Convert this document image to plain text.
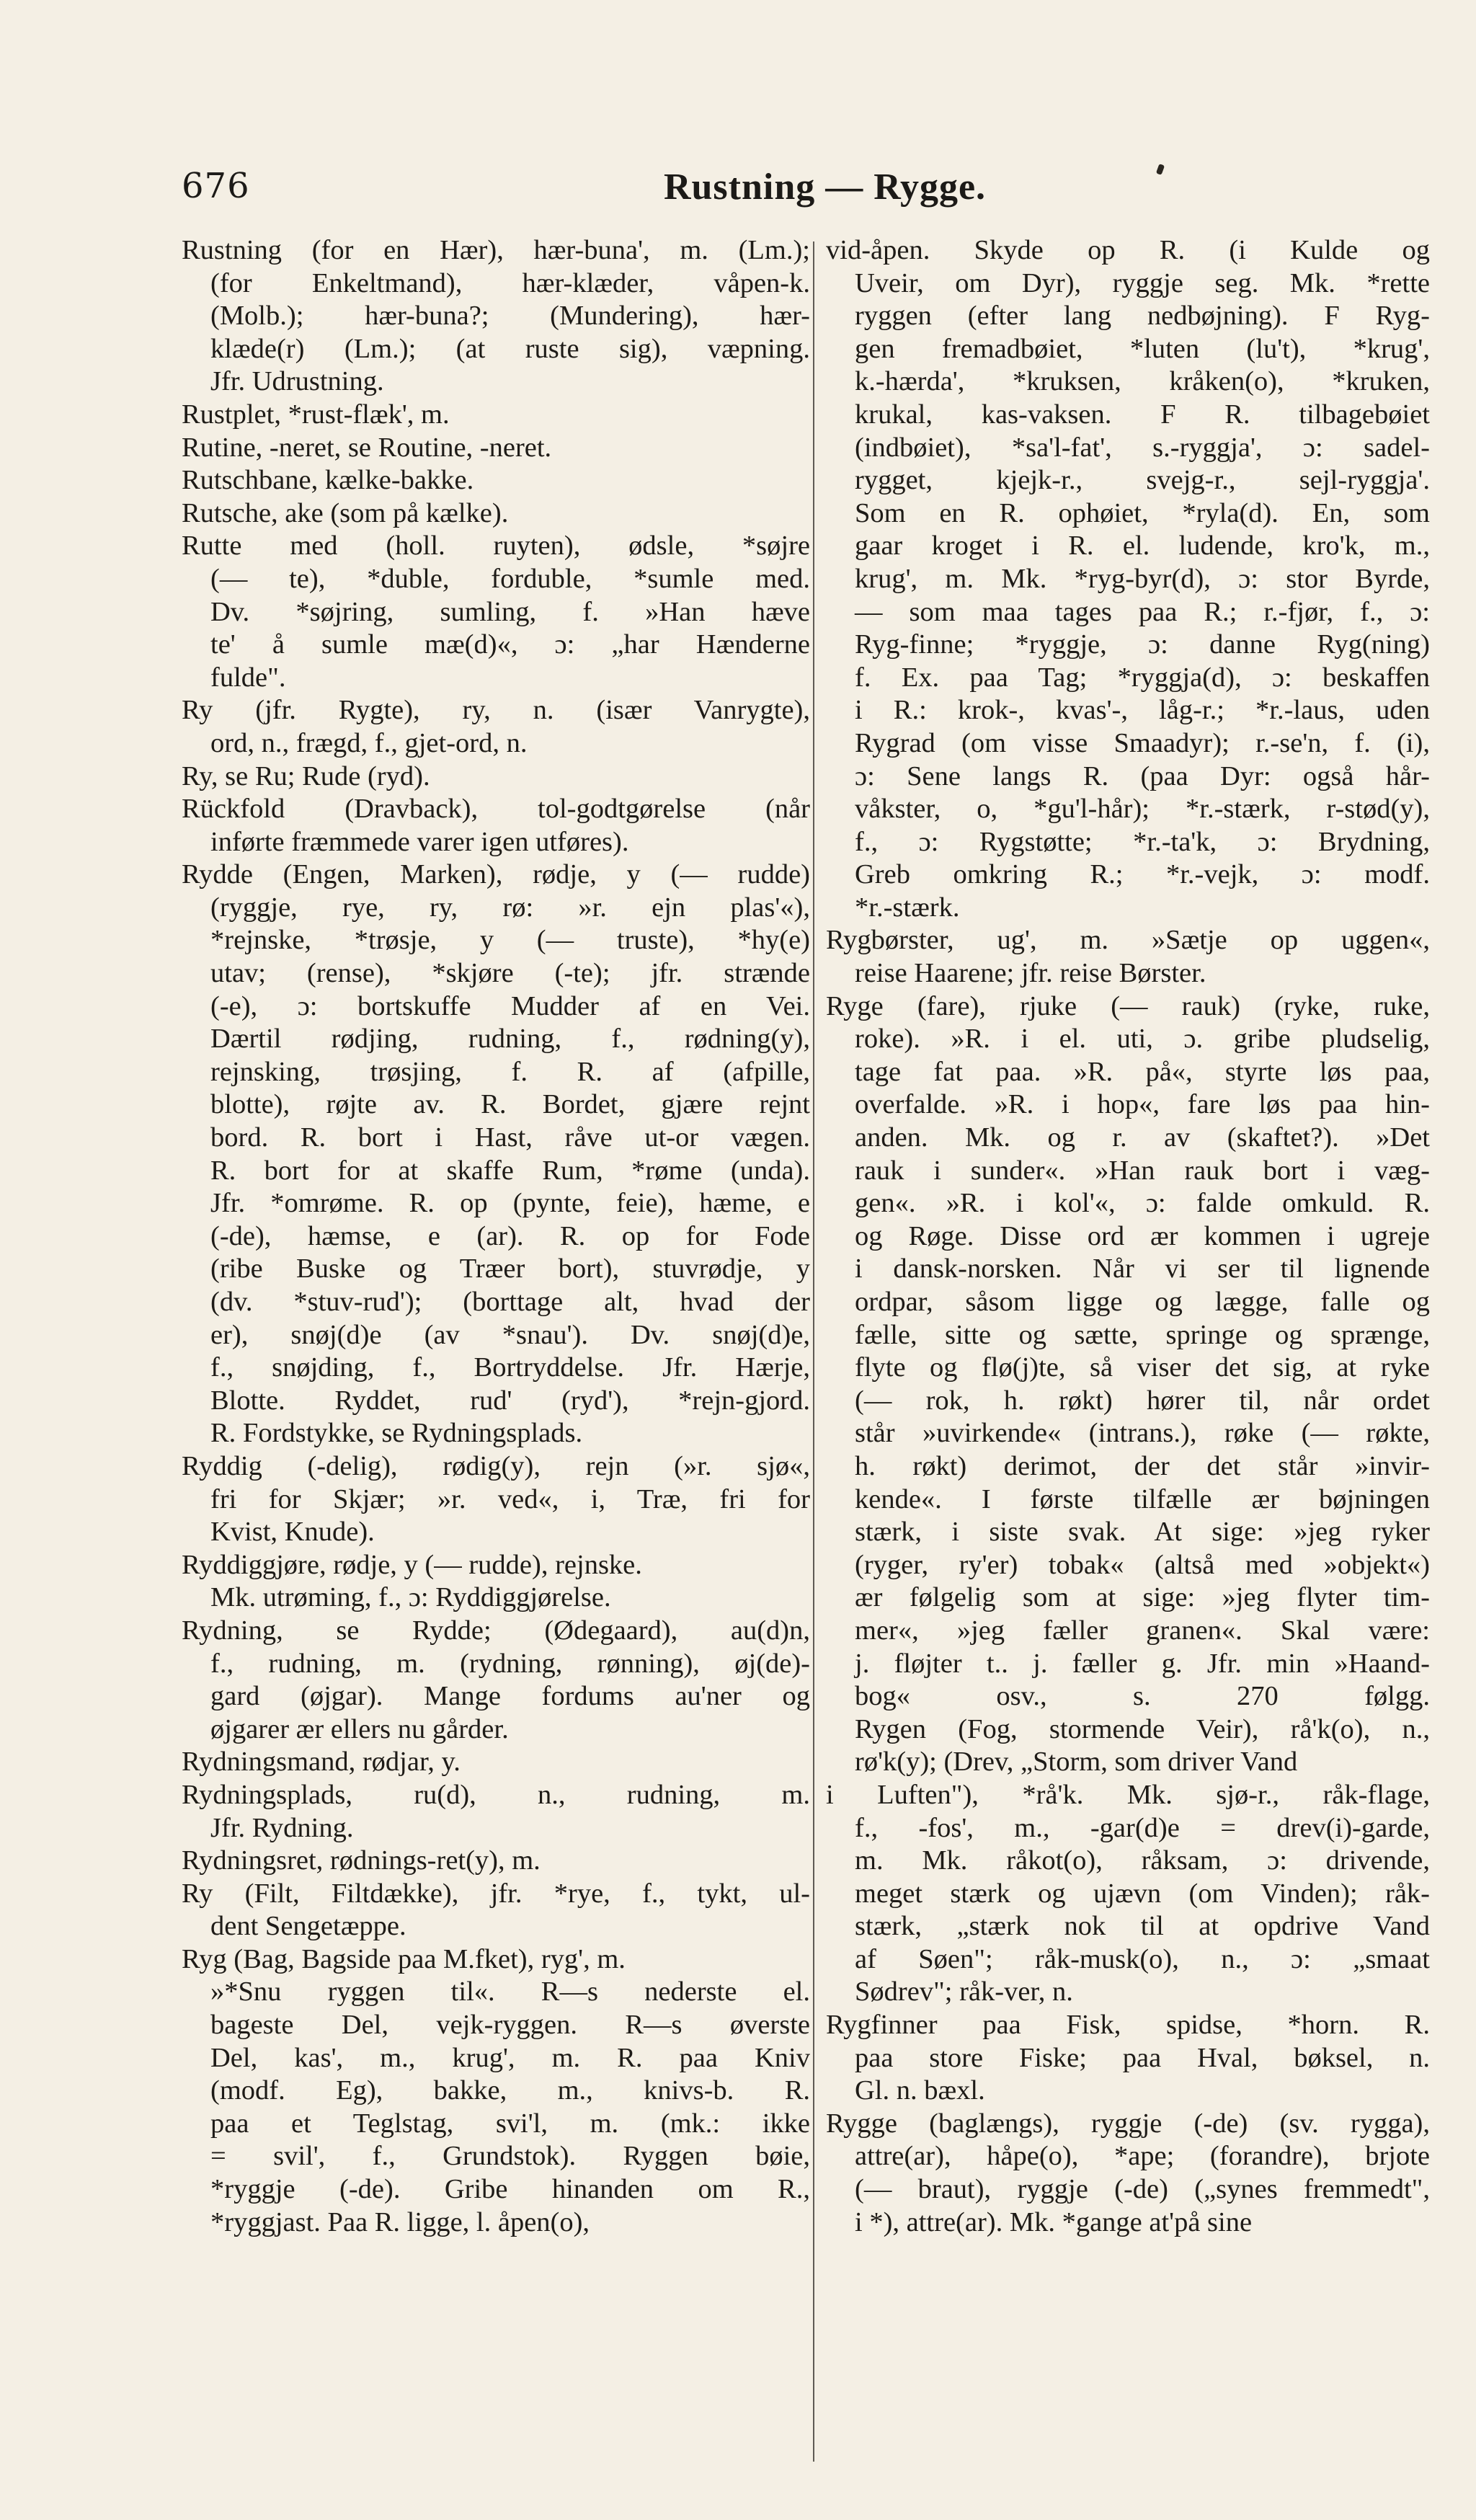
676	Rustning — Rygge.
Rustning (for en Hær), hær-buna', m. (Lm.);
(for Enkeltmand), hær-klæder, våpen-k.
(Molb.); hær-buna?; (Mundering), hær-
klæde(r) (Lm.); (at ruste sig), væpning.
Jfr. Udrustning.
Rustplet, *rust-flæk', m.
Rutine, -neret, se Routine, -neret.
Rutschbane, kælke-bakke.
Rutsche, ake (som på kælke).
Rutte med (holl. ruyten), ødsle, *søjre
(— te), *duble, forduble, *sumle med.
Dv. *søjring, sumling, f. »Han hæve
te' å sumle mæ(d)«, ɔ: „har Hænderne
fulde".
Ry (jfr. Rygte), ry, n. (især Vanrygte),
ord, n., frægd, f., gjet-ord, n.
Ry, se Ru; Rude (ryd).
Rückfold (Dravback), tol-godtgørelse (når
inførte fræmmede varer igen utføres).
Rydde (Engen, Marken), rødje, y (— rudde)
(ryggje, rye, ry, rø: »r. ejn plas'«),
*rejnske, *trøsje, y (— truste), *hy(e)
utav; (rense), *skjøre (-te); jfr. strænde
(-e), ɔ: bortskuffe Mudder af en Vei.
Dærtil rødjing, rudning, f., rødning(y),
rejnsking, trøsjing, f. R. af (afpille,
blotte), røjte av. R. Bordet, gjære rejnt
bord. R. bort i Hast, råve ut-or vægen.
R. bort for at skaffe Rum, *røme (unda).
Jfr. *omrøme. R. op (pynte, feie), hæme, e
(-de), hæmse, e (ar). R. op for Fode
(ribe Buske og Træer bort), stuvrødje, y
(dv. *stuv-rud'); (borttage alt, hvad der
er), snøj(d)e (av *snau'). Dv. snøj(d)e,
f., snøjding, f., Bortryddelse. Jfr. Hærje,
Blotte. Ryddet, rud' (ryd'), *rejn-gjord.
R. Fordstykke, se Rydningsplads.
Ryddig (-delig), rødig(y), rejn (»r. sjø«,
fri for Skjær; »r. ved«, i, Træ, fri for
Kvist, Knude).
Ryddiggjøre, rødje, y (— rudde), rejnske.
Mk. utrøming, f., ɔ: Ryddiggjørelse.
Rydning, se Rydde; (Ødegaard), au(d)n,
f., rudning, m. (rydning, rønning), øj(de)-
gard (øjgar). Mange fordums au'ner og
øjgarer ær ellers nu gårder.
Rydningsmand, rødjar, y.
Rydningsplads, ru(d), n., rudning, m.
Jfr. Rydning.
Rydningsret, rødnings-ret(y), m.
Ry (Filt, Filtdække), jfr. *rye, f., tykt, ul-
dent Sengetæppe.
Ryg (Bag, Bagside paa M.fket), ryg', m.
»*Snu ryggen til«. R—s nederste el.
bageste Del, vejk-ryggen. R—s øverste
Del, kas', m., krug', m. R. paa Kniv
(modf. Eg), bakke, m., knivs-b. R.
paa et Teglstag, svi'l, m. (mk.: ikke
= svil', f., Grundstok). Ryggen bøie,
*ryggje (-de). Gribe hinanden om R.,
*ryggjast. Paa R. ligge, l. åpen(o),
vid-åpen. Skyde op R. (i Kulde og
Uveir, om Dyr), ryggje seg. Mk. *rette
ryggen (efter lang nedbøjning). F Ryg-
gen fremadbøiet, *luten (lu't), *krug',
k.-hærda', *kruksen, kråken(o), *kruken,
krukal, kas-vaksen. F R. tilbagebøiet
(indbøiet), *sa'l-fat', s.-ryggja', ɔ: sadel-
rygget, kjejk-r., svejg-r., sejl-ryggja'.
Som en R. ophøiet, *ryla(d). En, som
gaar kroget i R. el. ludende, kro'k, m.,
krug', m. Mk. *ryg-byr(d), ɔ: stor Byrde,
— som maa tages paa R.; r.-fjør, f., ɔ:
Ryg-finne; *ryggje, ɔ: danne Ryg(ning)
f. Ex. paa Tag; *ryggja(d), ɔ: beskaffen
i R.: krok-, kvas'-, låg-r.; *r.-laus, uden
Rygrad (om visse Smaadyr); r.-se'n, f. (i),
ɔ: Sene langs R. (paa Dyr: også hår-
våkster, o, *gu'l-hår); *r.-stærk, r-stød(y),
f., ɔ: Rygstøtte; *r.-ta'k, ɔ: Brydning,
Greb omkring R.; *r.-vejk, ɔ: modf.
*r.-stærk.
Rygbørster, ug', m. »Sætje op uggen«,
reise Haarene; jfr. reise Børster.
Ryge (fare), rjuke (— rauk) (ryke, ruke,
roke). »R. i el. uti, ɔ. gribe pludselig,
tage fat paa. »R. på«, styrte løs paa,
overfalde. »R. i hop«, fare løs paa hin-
anden. Mk. og r. av (skaftet?). »Det
rauk i sunder«. »Han rauk bort i væg-
gen«. »R. i kol'«, ɔ: falde omkuld. R.
og Røge. Disse ord ær kommen i ugreje
i dansk-norsken. Når vi ser til lignende
ordpar, såsom ligge og lægge, falle og
fælle, sitte og sætte, springe og sprænge,
flyte og flø(j)te, så viser det sig, at ryke
(— rok, h. røkt) hører til, når ordet
står »uvirkende« (intrans.), røke (— røkte,
h. røkt) derimot, der det står »invir-
kende«. I første tilfælle ær bøjningen
stærk, i siste svak. At sige: »jeg ryker
(ryger, ry'er) tobak« (altså med »objekt«)
ær følgelig som at sige: »jeg flyter tim-
mer«, »jeg fæller granen«. Skal være:
j. fløjter t.. j. fæller g. Jfr. min »Haand-
bog« osv., s. 270 følgg.
Rygen (Fog, stormende Veir), rå'k(o), n.,
rø'k(y); (Drev, „Storm, som driver Vand
i Luften"), *rå'k. Mk. sjø-r., råk-flage,
f., -fos', m., -gar(d)e = drev(i)-garde,
m. Mk. råkot(o), råksam, ɔ: drivende,
meget stærk og ujævn (om Vinden); råk-
stærk, „stærk nok til at opdrive Vand
af Søen"; råk-musk(o), n., ɔ: „smaat
Sødrev"; råk-ver, n.
Rygfinner paa Fisk, spidse, *horn. R.
paa store Fiske; paa Hval, bøksel, n.
Gl. n. bæxl.
Rygge (baglængs), ryggje (-de) (sv. rygga),
attre(ar), håpe(o), *ape; (forandre), brjote
(— braut), ryggje (-de) („synes fremmedt",
i *), attre(ar). Mk. *gange at'på sine
